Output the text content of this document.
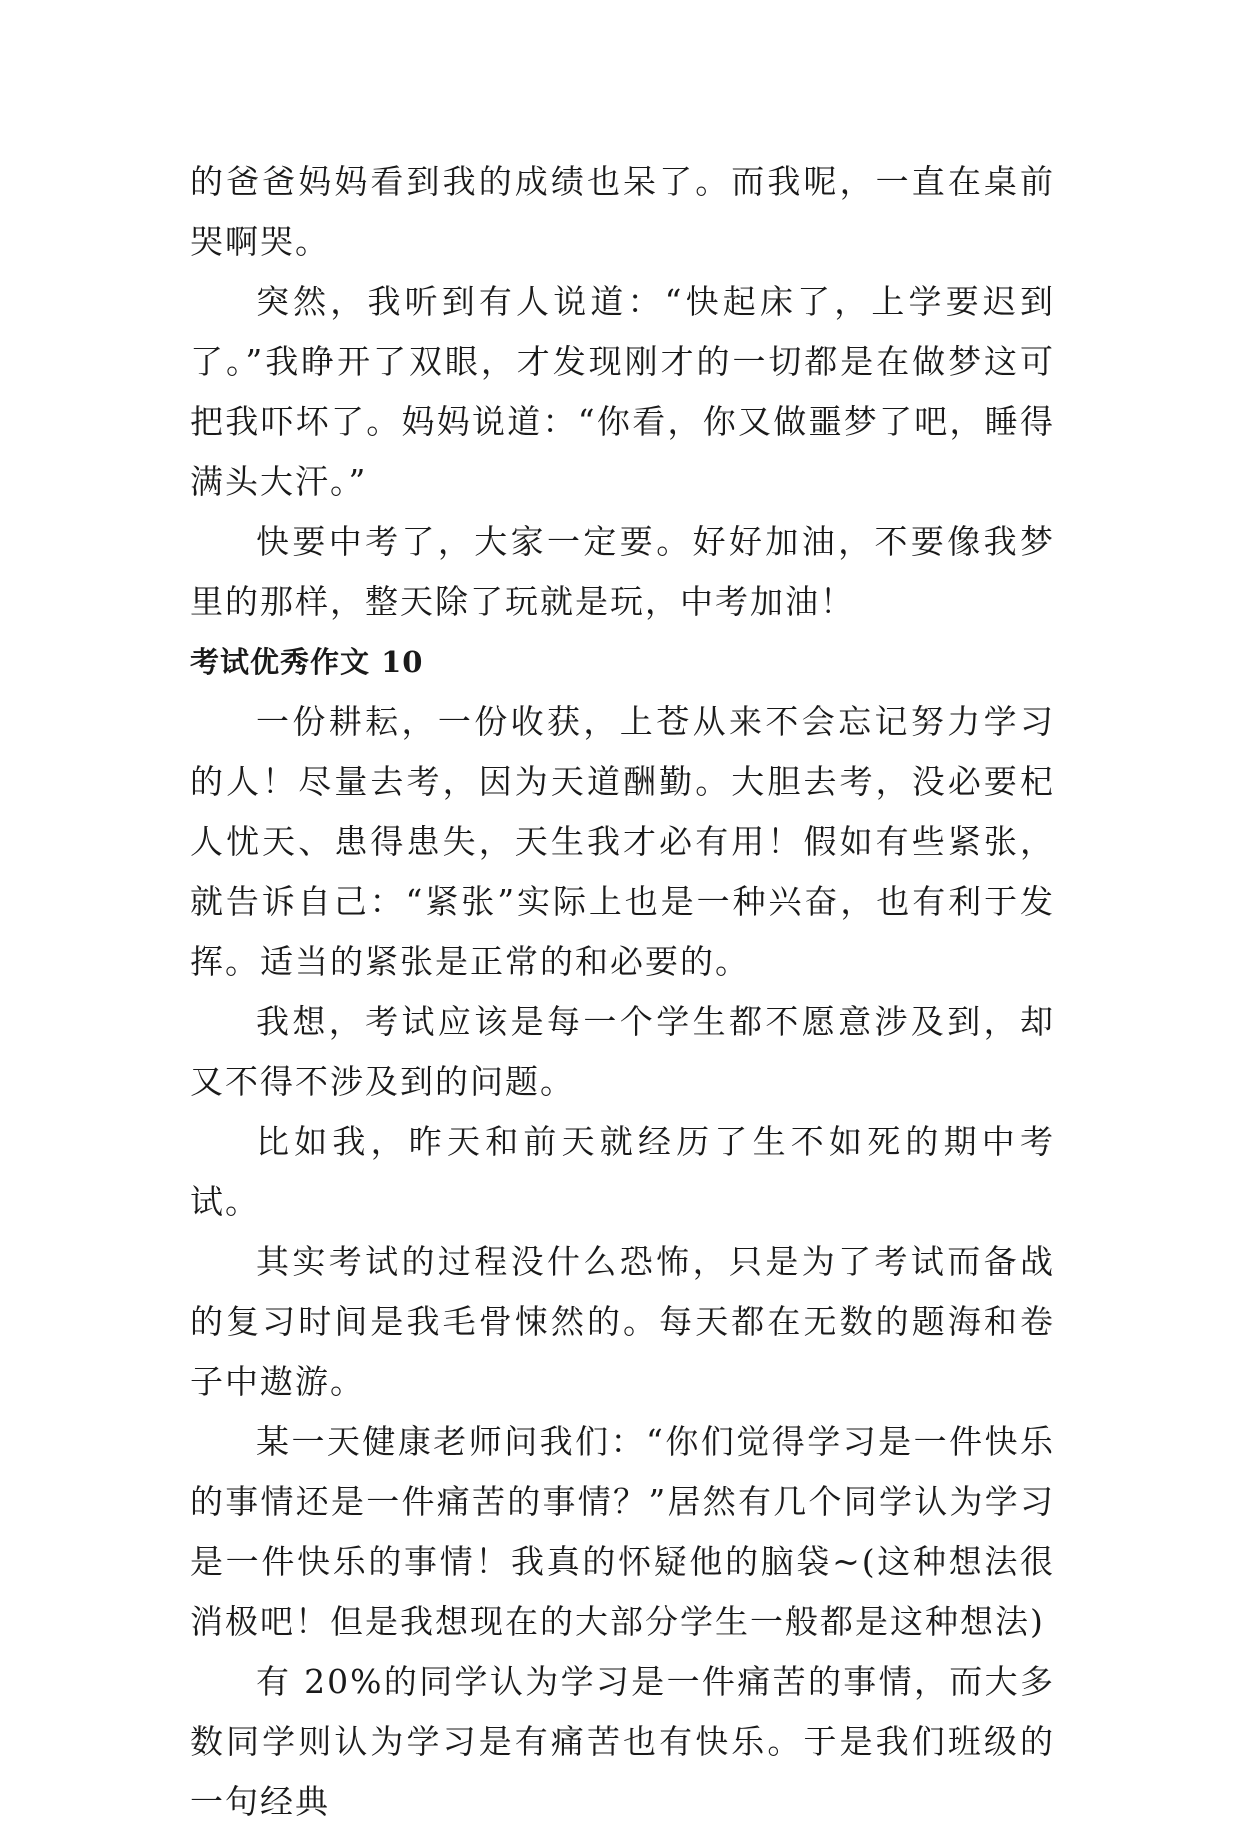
的爸爸妈妈看到我的成绩也呆了。而我呢，一直在桌前哭啊哭。

突然，我听到有人说道：“快起床了，上学要迟到了。”我睁开了双眼，才发现刚才的一切都是在做梦这可把我吓坏了。妈妈说道：“你看，你又做噩梦了吧，睡得满头大汗。”

快要中考了，大家一定要。好好加油，不要像我梦里的那样，整天除了玩就是玩，中考加油！

考试优秀作文 10

一份耕耘，一份收获，上苍从来不会忘记努力学习的人！尽量去考，因为天道酬勤。大胆去考，没必要杞人忧天、患得患失，天生我才必有用！假如有些紧张，就告诉自己：“紧张”实际上也是一种兴奋，也有利于发挥。适当的紧张是正常的和必要的。

我想，考试应该是每一个学生都不愿意涉及到，却又不得不涉及到的问题。

比如我，昨天和前天就经历了生不如死的期中考试。

其实考试的过程没什么恐怖，只是为了考试而备战的复习时间是我毛骨悚然的。每天都在无数的题海和卷子中遨游。

某一天健康老师问我们：“你们觉得学习是一件快乐的事情还是一件痛苦的事情？”居然有几个同学认为学习是一件快乐的事情！我真的怀疑他的脑袋~(这种想法很消极吧！但是我想现在的大部分学生一般都是这种想法)

有 20%的同学认为学习是一件痛苦的事情，而大多数同学则认为学习是有痛苦也有快乐。于是我们班级的一句经典
